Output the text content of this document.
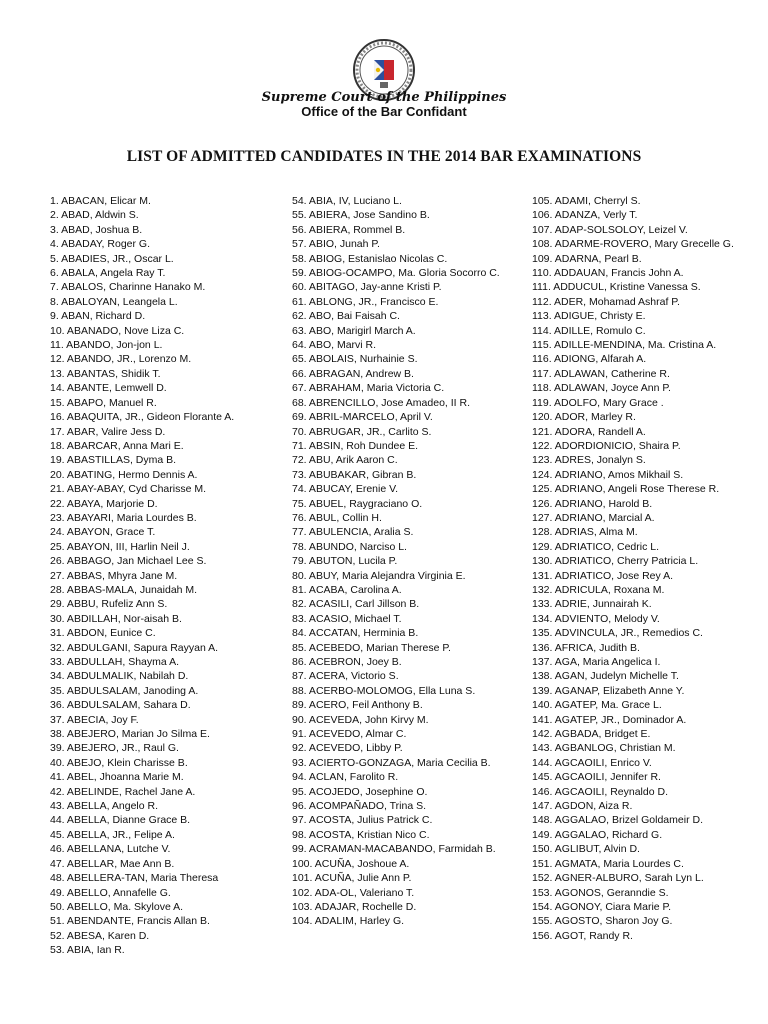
Supreme Court of the Philippines
Office of the Bar Confidant
LIST OF ADMITTED CANDIDATES IN THE 2014 BAR EXAMINATIONS

1. ABACAN, Elicar M.

2. ABAD, Aldwin S.

3. ABAD, Joshua B.

4. ABADAY, Roger G.

5. ABADIES, JR., Oscar L.

6. ABALA, Angela Ray T.

7. ABALOS, Charinne Hanako M.

8. ABALOYAN, Leangela L.

9. ABAN, Richard D.

10. ABANADO, Nove Liza C.

11. ABANDO, Jon-jon L.

12. ABANDO, JR., Lorenzo M.

13. ABANTAS, Shidik T.

14. ABANTE, Lemwell D.

15. ABAPO, Manuel R.

16. ABAQUITA, JR., Gideon Florante A.

17. ABAR, Valire Jess D.

18. ABARCAR, Anna Mari E.

19. ABASTILLAS, Dyma B.

20. ABATING, Hermo Dennis A.

21. ABAY-ABAY, Cyd Charisse M.

22. ABAYA, Marjorie D.

23. ABAYARI, Maria Lourdes B.

24. ABAYON, Grace T.

25. ABAYON, III, Harlin Neil J.

26. ABBAGO, Jan Michael Lee S.

27. ABBAS, Mhyra Jane M.

28. ABBAS-MALA, Junaidah M.

29. ABBU, Rufeliz Ann S.

30. ABDILLAH, Nor-aisah B.

31. ABDON, Eunice C.

32. ABDULGANI, Sapura Rayyan A.

33. ABDULLAH, Shayma A.

34. ABDULMALIK, Nabilah D.

35. ABDULSALAM, Janoding A.

36. ABDULSALAM, Sahara D.

37. ABECIA, Joy F.

38. ABEJERO, Marian Jo Silma E.

39. ABEJERO, JR., Raul G.

40. ABEJO, Klein Charisse B.

41. ABEL, Jhoanna Marie M.

42. ABELINDE, Rachel Jane A.

43. ABELLA, Angelo R.

44. ABELLA, Dianne Grace B.

45. ABELLA, JR., Felipe A.

46. ABELLANA, Lutche V.

47. ABELLAR, Mae Ann B.

48. ABELLERA-TAN, Maria Theresa

49. ABELLO, Annafelle G.

50. ABELLO, Ma. Skylove A.

51. ABENDANTE, Francis Allan B.

52. ABESA, Karen D.

53. ABIA, Ian R.

54. ABIA, IV, Luciano L.

55. ABIERA, Jose Sandino B.

56. ABIERA, Rommel B.

57. ABIO, Junah P.

58. ABIOG, Estanislao Nicolas C.

59. ABIOG-OCAMPO, Ma. Gloria Socorro C.

60. ABITAGO, Jay-anne Kristi P.

61. ABLONG, JR., Francisco E.

62. ABO, Bai Faisah C.

63. ABO, Marigirl March A.

64. ABO, Marvi R.

65. ABOLAIS, Nurhainie S.

66. ABRAGAN, Andrew B.

67. ABRAHAM, Maria Victoria C.

68. ABRENCILLO, Jose Amadeo, II R.

69. ABRIL-MARCELO, April V.

70. ABRUGAR, JR., Carlito S.

71. ABSIN, Roh Dundee E.

72. ABU, Arik Aaron C.

73. ABUBAKAR, Gibran B.

74. ABUCAY, Erenie V.

75. ABUEL, Raygraciano O.

76. ABUL, Collin H.

77. ABULENCIA, Aralia S.

78. ABUNDO, Narciso L.

79. ABUTON, Lucila P.

80. ABUY, Maria Alejandra Virginia E.

81. ACABA, Carolina A.

82. ACASILI, Carl Jillson B.

83. ACASIO, Michael T.

84. ACCATAN, Herminia B.

85. ACEBEDO, Marian Therese P.

86. ACEBRON, Joey B.

87. ACERA, Victorio S.

88. ACERBO-MOLOMOG, Ella Luna S.

89. ACERO, Feil Anthony B.

90. ACEVEDA, John Kirvy M.

91. ACEVEDO, Almar C.

92. ACEVEDO, Libby P.

93. ACIERTO-GONZAGA, Maria Cecilia B.

94. ACLAN, Farolito R.

95. ACOJEDO, Josephine O.

96. ACOMPAÑADO, Trina S.

97. ACOSTA, Julius Patrick C.

98. ACOSTA, Kristian Nico C.

99. ACRAMAN-MACABANDO, Farmidah B.

100. ACUÑA, Joshoue A.

101. ACUÑA, Julie Ann P.

102. ADA-OL, Valeriano T.

103. ADAJAR, Rochelle D.

104. ADALIM, Harley G.

105. ADAMI, Cherryl S.

106. ADANZA, Verly T.

107. ADAP-SOLSOLOY, Leizel V.

108. ADARME-ROVERO, Mary Grecelle G.

109. ADARNA, Pearl B.

110. ADDAUAN, Francis John A.

111. ADDUCUL, Kristine Vanessa S.

112. ADER, Mohamad Ashraf P.

113. ADIGUE, Christy E.

114. ADILLE, Romulo C.

115. ADILLE-MENDINA, Ma. Cristina A.

116. ADIONG, Alfarah A.

117. ADLAWAN, Catherine R.

118. ADLAWAN, Joyce Ann P.

119. ADOLFO, Mary Grace .

120. ADOR, Marley R.

121. ADORA, Randell A.

122. ADORDIONICIO, Shaira P.

123. ADRES, Jonalyn S.

124. ADRIANO, Amos Mikhail S.

125. ADRIANO, Angeli Rose Therese R.

126. ADRIANO, Harold B.

127. ADRIANO, Marcial A.

128. ADRIAS, Alma M.

129. ADRIATICO, Cedric L.

130. ADRIATICO, Cherry Patricia L.

131. ADRIATICO, Jose Rey A.

132. ADRICULA, Roxana M.

133. ADRIE, Junnairah K.

134. ADVIENTO, Melody V.

135. ADVINCULA, JR., Remedios C.

136. AFRICA, Judith B.

137. AGA, Maria Angelica I.

138. AGAN, Judelyn Michelle T.

139. AGANAP, Elizabeth Anne Y.

140. AGATEP, Ma. Grace L.

141. AGATEP, JR., Dominador A.

142. AGBADA, Bridget E.

143. AGBANLOG, Christian M.

144. AGCAOILI, Enrico V.

145. AGCAOILI, Jennifer R.

146. AGCAOILI, Reynaldo D.

147. AGDON, Aiza R.

148. AGGALAO, Brizel Goldameir D.

149. AGGALAO, Richard G.

150. AGLIBUT, Alvin D.

151. AGMATA, Maria Lourdes C.

152. AGNER-ALBURO, Sarah Lyn L.

153. AGONOS, Geranndie S.

154. AGONOY, Ciara Marie P.

155. AGOSTO, Sharon Joy G.

156. AGOT, Randy R.
